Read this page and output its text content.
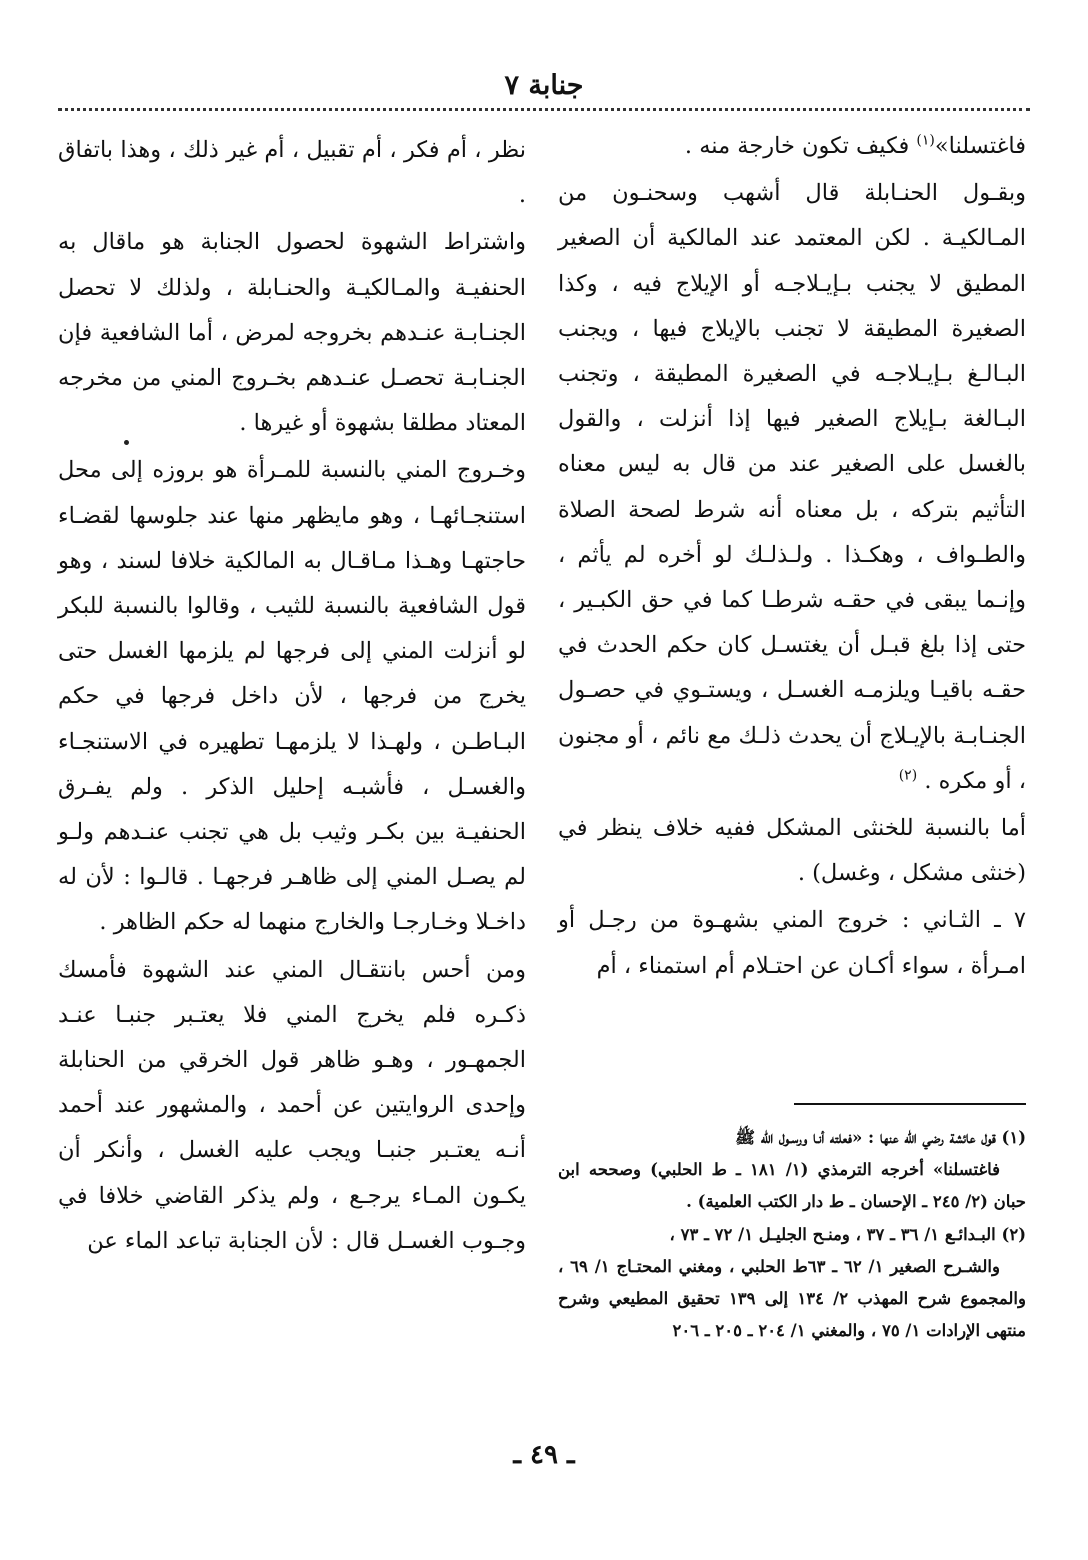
جنابة ٧

فاغتسلنا»$^{(١)}$ فكيف تكون خارجة منه .

وبقـول الحنـابلة قال أشهب وسحنـون من المـالكيـة . لكن المعتمد عند المالكية أن الصغير المطيق لا يجنب بـإيـلاجـه أو الإيلاج فيه ، وكذا الصغيرة المطيقة لا تجنب بالإيلاج فيها ، ويجنب البـالـغ بـإيـلاجـه في الصغيرة المطيقة ، وتجنب البـالغة بـإيلاج الصغير فيها إذا أنزلت ، والقول بالغسل على الصغير عند من قال به ليس معناه التأثيم بتركه ، بل معناه أنه شرط لصحة الصلاة والطـواف ، وهكـذا . ولـذلـك لو أخره لم يأثم ، وإنـما يبقى في حقـه شرطـا كما في حق الكبـير ، حتى إذا بلغ قبـل أن يغتسـل كان حكم الحدث في حقـه باقيـا ويلزمـه الغسـل ، ويستـوي في حصـول الجنـابـة بالإيـلاج أن يحدث ذلـك مع نائم ، أو مجنون ، أو مكره . $^{(٢)}$

أما بالنسبة للخنثى المشكل ففيه خلاف ينظر في (خنثى مشكل ، وغسل) .

٧ ـ الثـاني : خروج المني بشهـوة من رجـل أو امـرأة ، سواء أكـان عن احتـلام أم استمناء ، أم

نظر ، أم فكر ، أم تقبيل ، أم غير ذلك ، وهذا باتفاق .

واشتراط الشهوة لحصول الجنابة هو ماقال به الحنفيـة والمـالكيـة والحنـابلة ، ولذلك لا تحصل الجنـابـة عنـدهم بخروجه لمرض ، أما الشافعية فإن الجنـابـة تحصـل عنـدهم بخـروج المني من مخرجه المعتاد مطلقا بشهوة أو غيرها .

وخـروج المني بالنسبة للمـرأة هو بروزه إلى محل استنجـائهـا ، وهو مايظهر منها عند جلوسها لقضـاء حاجتهـا وهـذا مـاقـال به المالكية خلافا لسند ، وهو قول الشافعية بالنسبة للثيب ، وقالوا بالنسبة للبكر لو أنزلت المني إلى فرجها لم يلزمها الغسل حتى يخرج من فرجها ، لأن داخل فرجها في حكم البـاطـن ، ولهـذا لا يلزمهـا تطهيره في الاستنجـاء والغسـل ، فأشبـه إحليل الذكر . ولم يفـرق الحنفيـة بين بكـر وثيب بل هي تجنب عنـدهم ولـو لم يصـل المني إلى ظاهـر فرجهـا . قالـوا : لأن له داخـلا وخـارجـا والخارج منهما له حكم الظاهر .

ومن أحس بانتقـال المني عند الشهوة فأمسك ذكـره فلم يخرج المني فلا يعتـبر جنبـا عنـد الجمهـور ، وهـو ظاهر قول الخرقي من الحنابلة وإحدى الروايتين عن أحمد ، والمشهور عند أحمد أنـه يعتـبر جنبـا ويجب عليه الغسل ، وأنكر أن يكـون المـاء يرجـع ، ولم يذكر القاضي خلافا في وجـوب الغسـل قال : لأن الجنابة تباعد الماء عن

(١) قول عائشة رضي الله عنها : «فعلته أنـا ورسـول الله ﷺ
فاغتسلنا» أخرجه الترمذي (١/ ١٨١ ـ ط الحلبي) وصححه ابن حبان (٢/ ٢٤٥ ـ الإحسان ـ ط دار الكتب العلمية) .

(٢) البـدائـع ١/ ٣٦ ـ ٣٧ ، ومنـح الجليـل ١/ ٧٢ ـ ٧٣ ،
والشـرح الصغير ١/ ٦٢ ـ ٦٣ط الحلبي ، ومغني المحتـاج ١/ ٦٩ ، والمجموع شرح المهذب ٢/ ١٣٤ إلى ١٣٩ تحقيق المطيعي وشرح منتهى الإرادات ١/ ٧٥ ، والمغني ١/ ٢٠٤ ـ ٢٠٥ ـ ٢٠٦

ـ ٤٩ ـ
